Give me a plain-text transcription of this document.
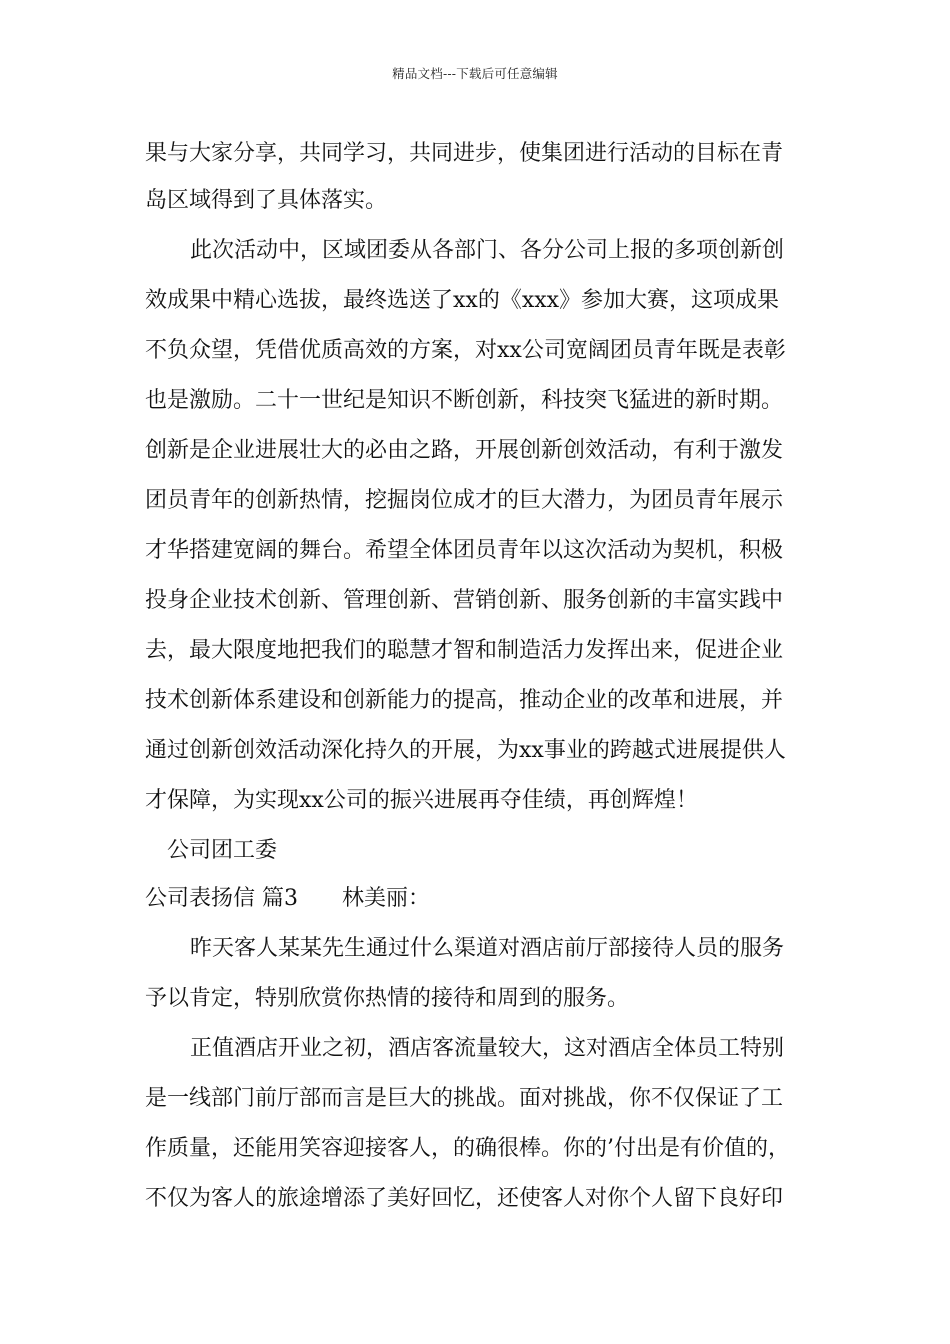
精品文档---下载后可任意编辑
果与大家分享，共同学习，共同进步，使集团进行活动的目标在青
岛区域得到了具体落实。
此次活动中，区域团委从各部门、各分公司上报的多项创新创
效成果中精心选拔，最终选送了xx的《xxx》参加大赛，这项成果
不负众望，凭借优质高效的方案，对xx公司宽阔团员青年既是表彰
也是激励。二十一世纪是知识不断创新，科技突飞猛进的新时期。
创新是企业进展壮大的必由之路，开展创新创效活动，有利于激发
团员青年的创新热情，挖掘岗位成才的巨大潜力，为团员青年展示
才华搭建宽阔的舞台。希望全体团员青年以这次活动为契机，积极
投身企业技术创新、管理创新、营销创新、服务创新的丰富实践中
去，最大限度地把我们的聪慧才智和制造活力发挥出来，促进企业
技术创新体系建设和创新能力的提高，推动企业的改革和进展，并
通过创新创效活动深化持久的开展，为xx事业的跨越式进展提供人
才保障，为实现xx公司的振兴进展再夺佳绩，再创辉煌！
公司团工委
公司表扬信 篇3　　林美丽：
昨天客人某某先生通过什么渠道对酒店前厅部接待人员的服务
予以肯定，特别欣赏你热情的接待和周到的服务。
正值酒店开业之初，酒店客流量较大，这对酒店全体员工特别
是一线部门前厅部而言是巨大的挑战。面对挑战，你不仅保证了工
作质量，还能用笑容迎接客人，的确很棒。你的’付出是有价值的，
不仅为客人的旅途增添了美好回忆，还使客人对你个人留下良好印
